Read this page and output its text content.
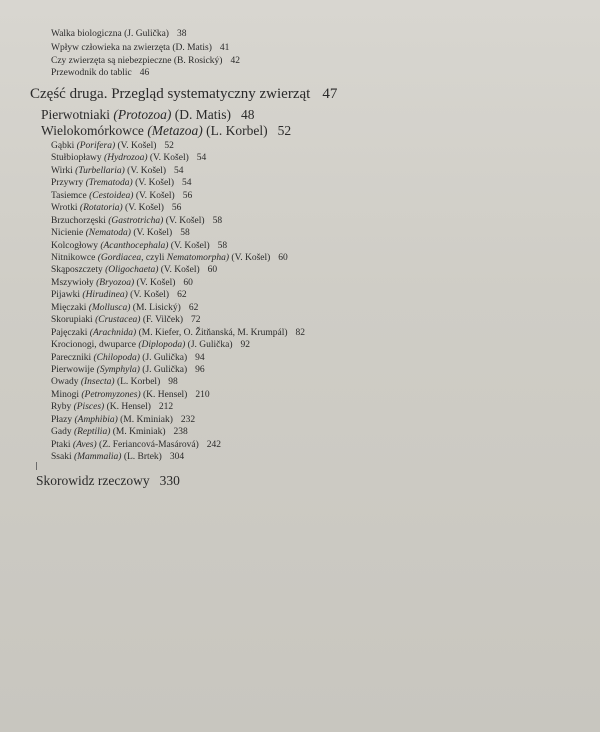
Walka biologiczna (J. Gulička) 38
Wpływ człowieka na zwierzęta (D. Matis) 41
Czy zwierzęta są niebezpieczne (B. Rosický) 42
Przewodnik do tablic 46
Część druga. Przegląd systematyczny zwierząt 47
Pierwotniaki (Protozoa) (D. Matis) 48
Wielokomórkowce (Metazoa) (L. Korbel) 52
Gąbki (Porifera) (V. Košel) 52
Stułbiopławy (Hydrozoa) (V. Košel) 54
Wirki (Turbellaria) (V. Košel) 54
Przywry (Trematoda) (V. Košel) 54
Tasiemce (Cestoidea) (V. Košel) 56
Wrotki (Rotatoria) (V. Košel) 56
Brzuchorzęski (Gastrotricha) (V. Košel) 58
Nicienie (Nematoda) (V. Košel) 58
Kolcogłowy (Acanthocephala) (V. Košel) 58
Nitnikowce (Gordiacea, czyli Nematomorpha) (V. Košel) 60
Skąposzczety (Oligochaeta) (V. Košel) 60
Mszywioły (Bryozoa) (V. Košel) 60
Pijawki (Hirudinea) (V. Košel) 62
Mięczaki (Mollusca) (M. Lisický) 62
Skorupiaki (Crustacea) (F. Vilček) 72
Pajęczaki (Arachnida) (M. Kiefer, O. Žitňanská, M. Krumpál) 82
Krocionogi, dwuparce (Diplopoda) (J. Gulička) 92
Pareczniki (Chilopoda) (J. Gulička) 94
Pierwowije (Symphyla) (J. Gulička) 96
Owady (Insecta) (L. Korbel) 98
Minogi (Petromyzones) (K. Hensel) 210
Ryby (Pisces) (K. Hensel) 212
Płazy (Amphibia) (M. Kminiak) 232
Gady (Reptilia) (M. Kminiak) 238
Ptaki (Aves) (Z. Feriancová-Masárová) 242
Ssaki (Mammalia) (L. Brtek) 304
Skorowidz rzeczowy 330
